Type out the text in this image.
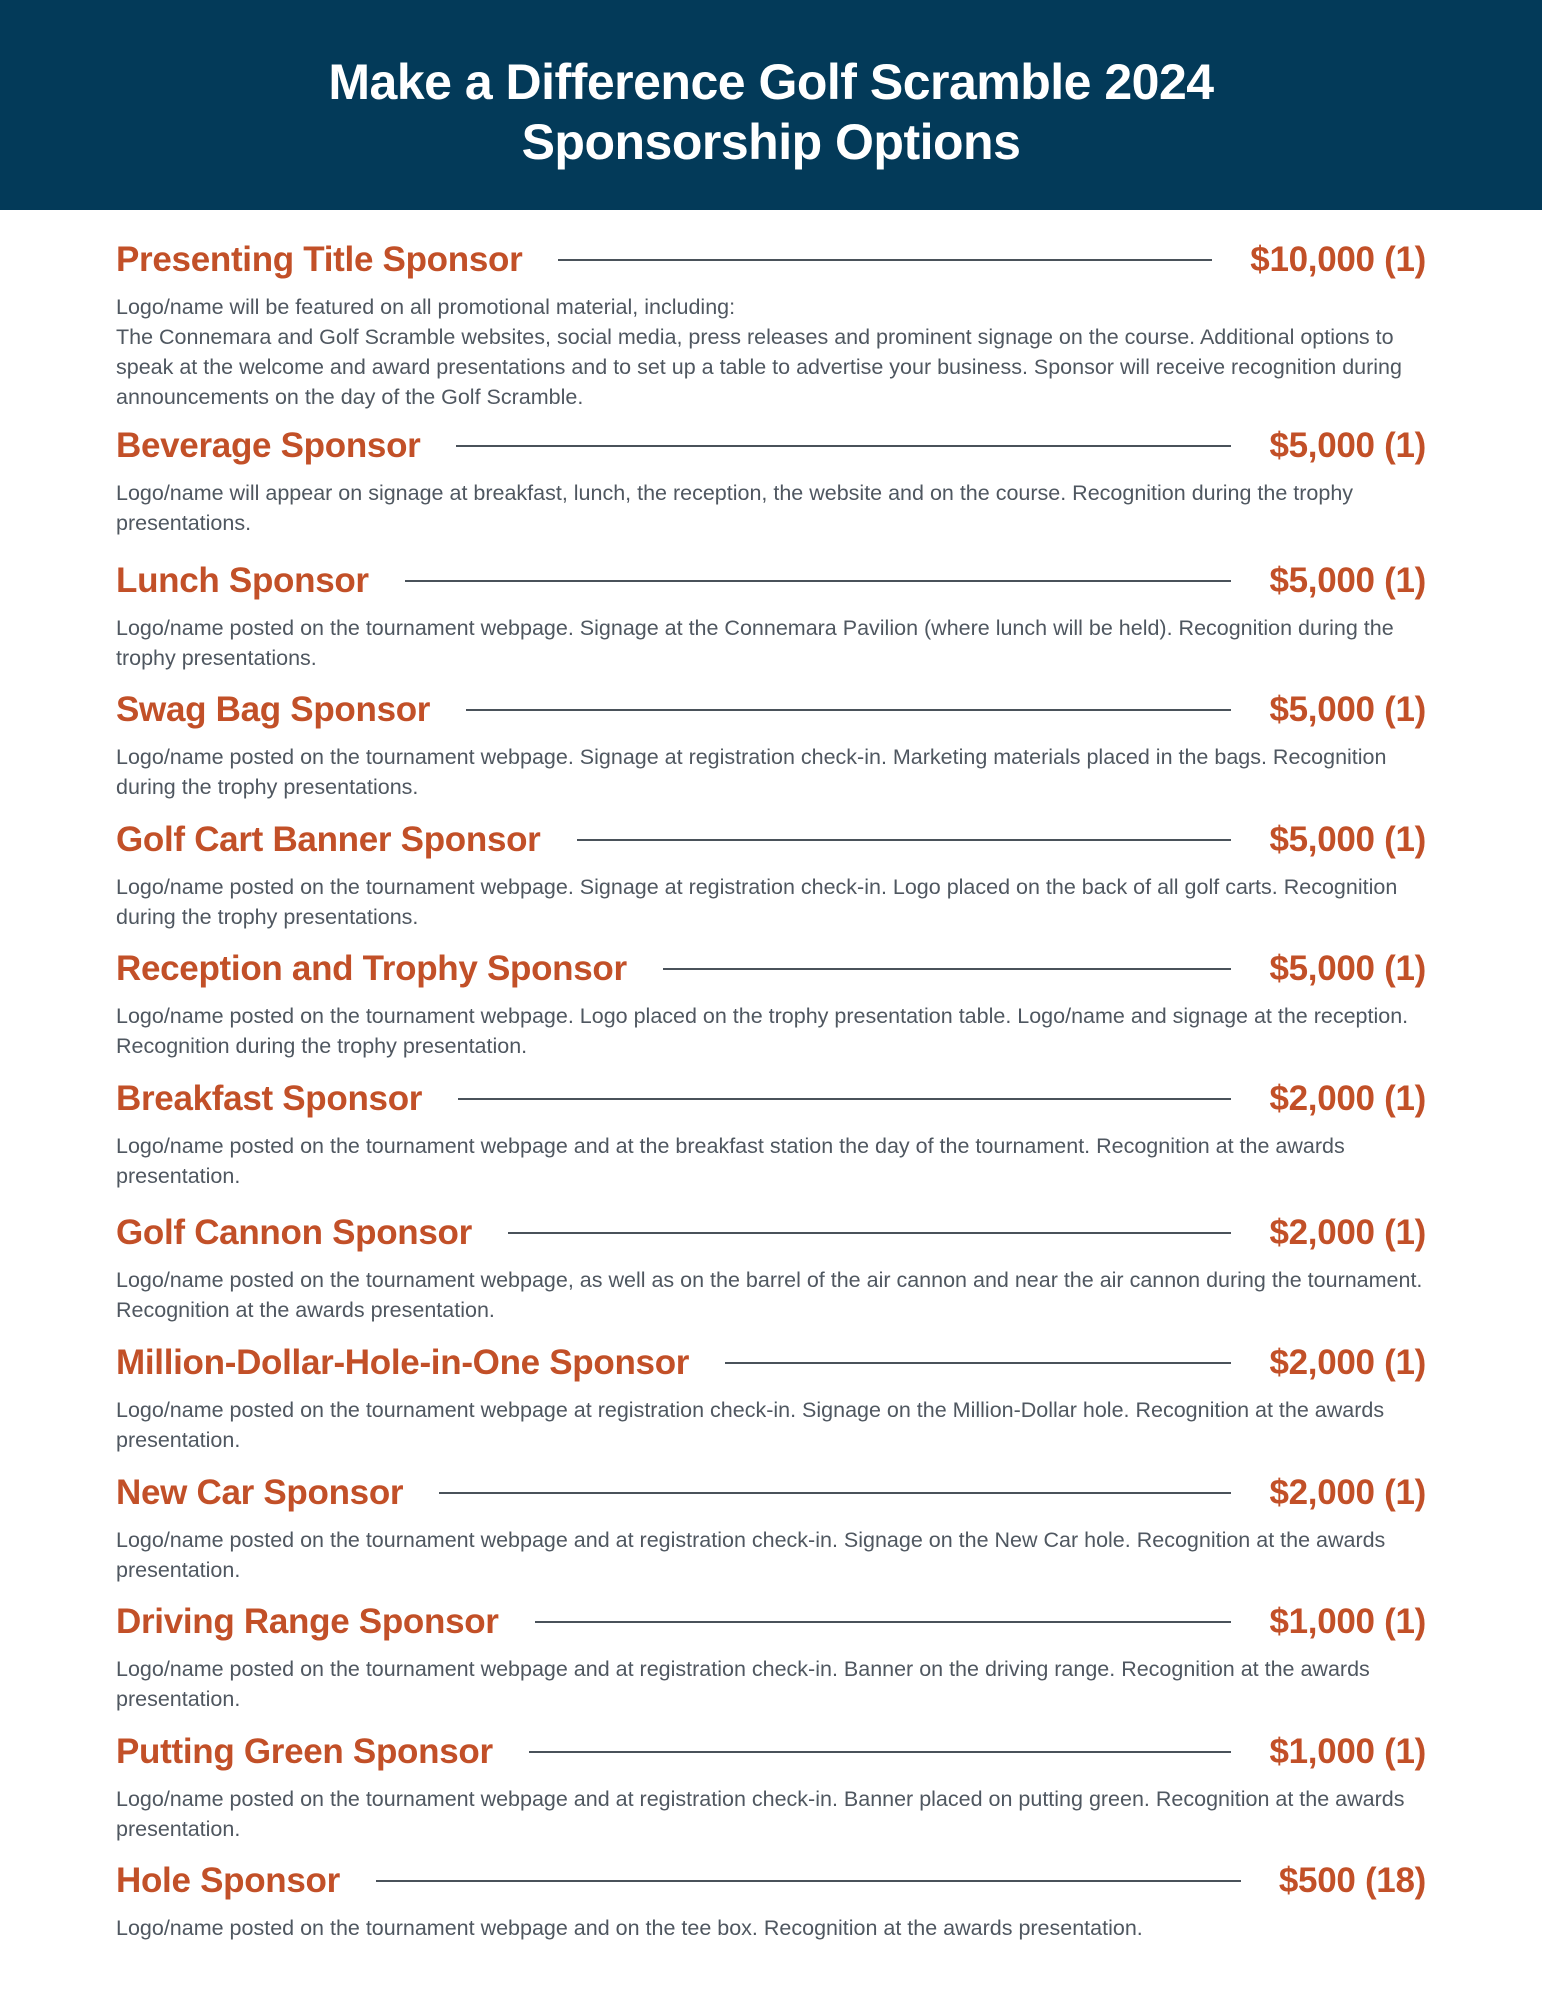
Make a Difference Golf Scramble 2024
Sponsorship Options
Presenting Title Sponsor	$10,000 (1)
Logo/name will be featured on all promotional material, including:
The Connemara and Golf Scramble websites, social media, press releases and prominent signage on the course. Additional options to speak at the welcome and award presentations and to set up a table to advertise your business. Sponsor will receive recognition during announcements on the day of the Golf Scramble.
Beverage Sponsor	$5,000 (1)
Logo/name will appear on signage at breakfast, lunch, the reception, the website and on the course. Recognition during the trophy presentations.
Lunch Sponsor	$5,000 (1)
Logo/name posted on the tournament webpage. Signage at the Connemara Pavilion (where lunch will be held). Recognition during the trophy presentations.
Swag Bag Sponsor	$5,000 (1)
Logo/name posted on the tournament webpage. Signage at registration check-in. Marketing materials placed in the bags. Recognition during the trophy presentations.
Golf Cart Banner Sponsor	$5,000 (1)
Logo/name posted on the tournament webpage. Signage at registration check-in. Logo placed on the back of all golf carts. Recognition during the trophy presentations.
Reception and Trophy Sponsor	$5,000 (1)
Logo/name posted on the tournament webpage. Logo placed on the trophy presentation table. Logo/name and signage at the reception. Recognition during the trophy presentation.
Breakfast Sponsor	$2,000 (1)
Logo/name posted on the tournament webpage and at the breakfast station the day of the tournament. Recognition at the awards presentation.
Golf Cannon Sponsor	$2,000 (1)
Logo/name posted on the tournament webpage, as well as on the barrel of the air cannon and near the air cannon during the tournament. Recognition at the awards presentation.
Million-Dollar-Hole-in-One Sponsor	$2,000 (1)
Logo/name posted on the tournament webpage at registration check-in. Signage on the Million-Dollar hole. Recognition at the awards presentation.
New Car Sponsor	$2,000 (1)
Logo/name posted on the tournament webpage and at registration check-in. Signage on the New Car hole. Recognition at the awards presentation.
Driving Range Sponsor	$1,000 (1)
Logo/name posted on the tournament webpage and at registration check-in. Banner on the driving range. Recognition at the awards presentation.
Putting Green Sponsor	$1,000 (1)
Logo/name posted on the tournament webpage and at registration check-in. Banner placed on putting green. Recognition at the awards presentation.
Hole Sponsor	$500 (18)
Logo/name posted on the tournament webpage and on the tee box. Recognition at the awards presentation.
